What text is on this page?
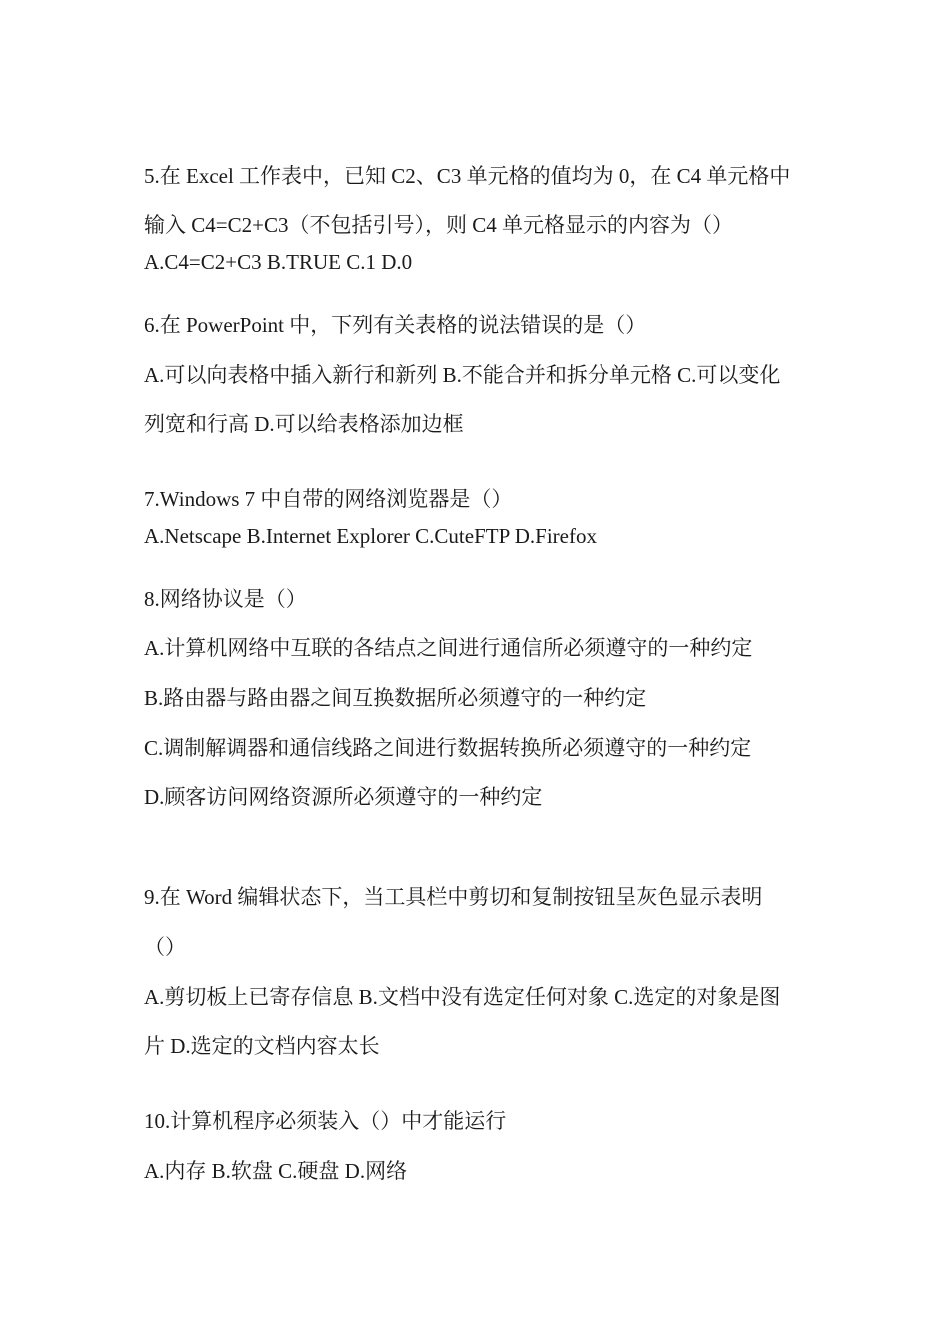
5.在 Excel 工作表中，已知 C2、C3 单元格的值均为 0，在 C4 单元格中
输入 C4=C2+C3（不包括引号），则 C4 单元格显示的内容为（）
A.C4=C2+C3 B.TRUE C.1 D.0
6.在 PowerPoint 中，下列有关表格的说法错误的是（）
A.可以向表格中插入新行和新列 B.不能合并和拆分单元格 C.可以变化
列宽和行高 D.可以给表格添加边框
7.Windows 7 中自带的网络浏览器是（）
A.Netscape B.Internet Explorer C.CuteFTP D.Firefox
8.网络协议是（）
A.计算机网络中互联的各结点之间进行通信所必须遵守的一种约定
B.路由器与路由器之间互换数据所必须遵守的一种约定
C.调制解调器和通信线路之间进行数据转换所必须遵守的一种约定
D.顾客访问网络资源所必须遵守的一种约定
9.在 Word 编辑状态下，当工具栏中剪切和复制按钮呈灰色显示表明
（）
A.剪切板上已寄存信息 B.文档中没有选定任何对象 C.选定的对象是图
片 D.选定的文档内容太长
10.计算机程序必须装入（）中才能运行
A.内存 B.软盘 C.硬盘 D.网络
